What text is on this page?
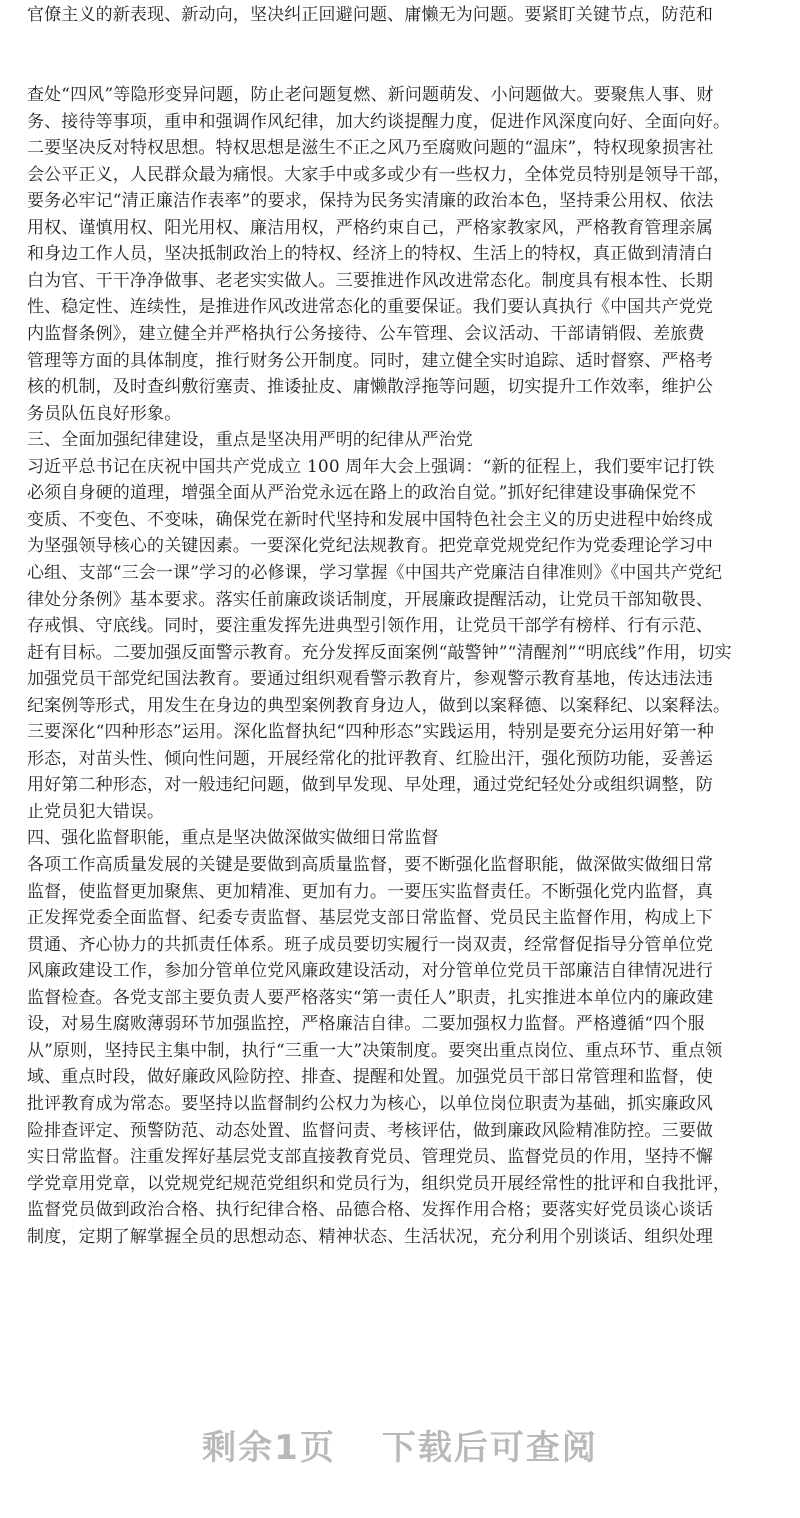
官僚主义的新表现、新动向，坚决纠正回避问题、庸懒无为问题。要紧盯关键节点，防范和
查处“四风”等隐形变异问题，防止老问题复燃、新问题萌发、小问题做大。要聚焦人事、财
务、接待等事项，重申和强调作风纪律，加大约谈提醒力度，促进作风深度向好、全面向好。
二要坚决反对特权思想。特权思想是滋生不正之风乃至腐败问题的“温床”，特权现象损害社
会公平正义，人民群众最为痛恨。大家手中或多或少有一些权力，全体党员特别是领导干部，
要务必牢记“清正廉洁作表率”的要求，保持为民务实清廉的政治本色，坚持秉公用权、依法
用权、谨慎用权、阳光用权、廉洁用权，严格约束自己，严格家教家风，严格教育管理亲属
和身边工作人员，坚决抵制政治上的特权、经济上的特权、生活上的特权，真正做到清清白
白为官、干干净净做事、老老实实做人。三要推进作风改进常态化。制度具有根本性、长期
性、稳定性、连续性，是推进作风改进常态化的重要保证。我们要认真执行《中国共产党党
内监督条例》，建立健全并严格执行公务接待、公车管理、会议活动、干部请销假、差旅费
管理等方面的具体制度，推行财务公开制度。同时，建立健全实时追踪、适时督察、严格考
核的机制，及时查纠敷衍塞责、推诿扯皮、庸懒散浮拖等问题，切实提升工作效率，维护公
务员队伍良好形象。
三、全面加强纪律建设，重点是坚决用严明的纪律从严治党
习近平总书记在庆祝中国共产党成立 100 周年大会上强调：“新的征程上，我们要牢记打铁
必须自身硬的道理，增强全面从严治党永远在路上的政治自觉。”抓好纪律建设事确保党不
变质、不变色、不变味，确保党在新时代坚持和发展中国特色社会主义的历史进程中始终成
为坚强领导核心的关键因素。一要深化党纪法规教育。把党章党规党纪作为党委理论学习中
心组、支部“三会一课”学习的必修课，学习掌握《中国共产党廉洁自律准则》《中国共产党纪
律处分条例》基本要求。落实任前廉政谈话制度，开展廉政提醒活动，让党员干部知敬畏、
存戒惧、守底线。同时，要注重发挥先进典型引领作用，让党员干部学有榜样、行有示范、
赶有目标。二要加强反面警示教育。充分发挥反面案例“敲警钟”“清醒剂”“明底线”作用，切实
加强党员干部党纪国法教育。要通过组织观看警示教育片，参观警示教育基地，传达违法违
纪案例等形式，用发生在身边的典型案例教育身边人，做到以案释德、以案释纪、以案释法。
三要深化“四种形态”运用。深化监督执纪“四种形态”实践运用，特别是要充分运用好第一种
形态，对苗头性、倾向性问题，开展经常化的批评教育、红脸出汗，强化预防功能，妥善运
用好第二种形态，对一般违纪问题，做到早发现、早处理，通过党纪轻处分或组织调整，防
止党员犯大错误。
四、强化监督职能，重点是坚决做深做实做细日常监督
各项工作高质量发展的关键是要做到高质量监督，要不断强化监督职能，做深做实做细日常
监督，使监督更加聚焦、更加精准、更加有力。一要压实监督责任。不断强化党内监督，真
正发挥党委全面监督、纪委专责监督、基层党支部日常监督、党员民主监督作用，构成上下
贯通、齐心协力的共抓责任体系。班子成员要切实履行一岗双责，经常督促指导分管单位党
风廉政建设工作，参加分管单位党风廉政建设活动，对分管单位党员干部廉洁自律情况进行
监督检查。各党支部主要负责人要严格落实“第一责任人”职责，扎实推进本单位内的廉政建
设，对易生腐败薄弱环节加强监控，严格廉洁自律。二要加强权力监督。严格遵循“四个服
从”原则，坚持民主集中制，执行“三重一大”决策制度。要突出重点岗位、重点环节、重点领
域、重点时段，做好廉政风险防控、排查、提醒和处置。加强党员干部日常管理和监督，使
批评教育成为常态。要坚持以监督制约公权力为核心，以单位岗位职责为基础，抓实廉政风
险排查评定、预警防范、动态处置、监督问责、考核评估，做到廉政风险精准防控。三要做
实日常监督。注重发挥好基层党支部直接教育党员、管理党员、监督党员的作用，坚持不懈
学党章用党章，以党规党纪规范党组织和党员行为，组织党员开展经常性的批评和自我批评，
监督党员做到政治合格、执行纪律合格、品德合格、发挥作用合格；要落实好党员谈心谈话
制度，定期了解掌握全员的思想动态、精神状态、生活状况，充分利用个别谈话、组织处理
剩余1页 下载后可查阅
